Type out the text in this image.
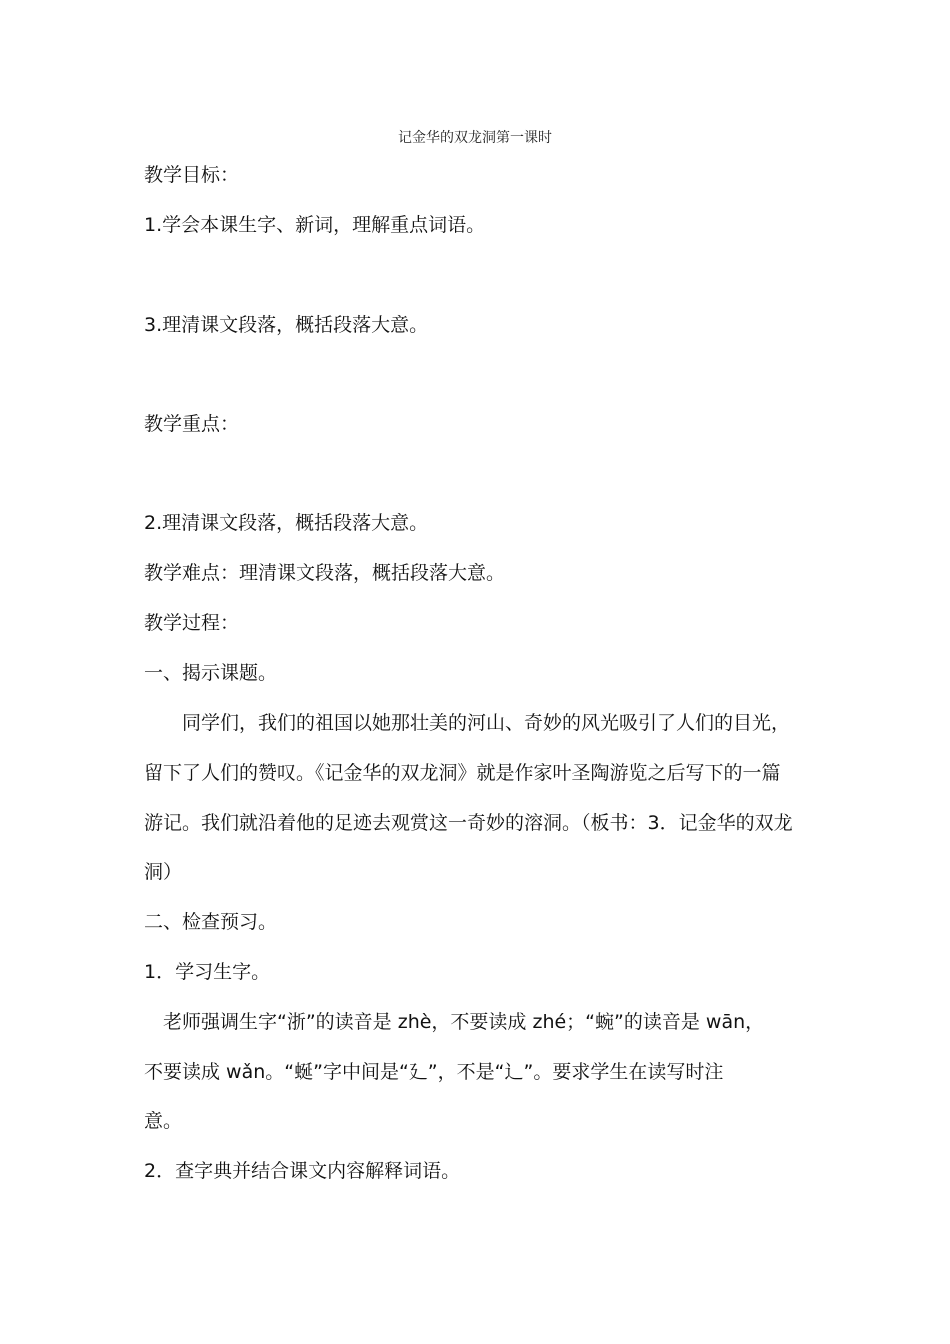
记金华的双龙洞第一课时
教学目标：
1.学会本课生字、新词，理解重点词语。
3.理清课文段落，概括段落大意。
教学重点：
2.理清课文段落，概括段落大意。
教学难点：理清课文段落，概括段落大意。
教学过程：
一、揭示课题。
同学们，我们的祖国以她那壮美的河山、奇妙的风光吸引了人们的目光，
留下了人们的赞叹。《记金华的双龙洞》就是作家叶圣陶游览之后写下的一篇
游记。我们就沿着他的足迹去观赏这一奇妙的溶洞。（板书：3．记金华的双龙
洞）
二、检查预习。
1．学习生字。
老师强调生字“浙”的读音是 zhè，不要读成 zhé；“蜿”的读音是 wān，
不要读成 wǎn。“蜒”字中间是“廴”，不是“辶”。要求学生在读写时注
意。
2．查字典并结合课文内容解释词语。
